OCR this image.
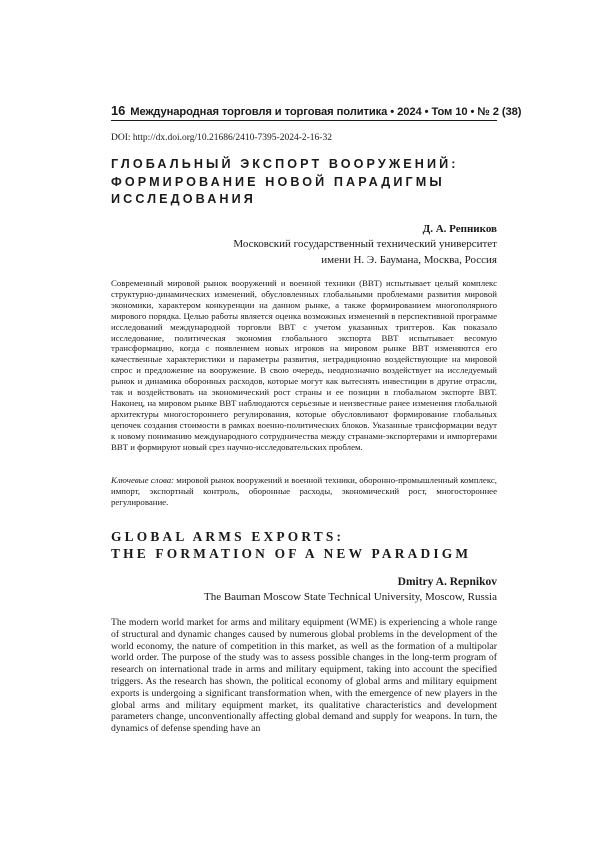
16 Международная торговля и торговая политика • 2024 • Том 10 • № 2 (38)
DOI: http://dx.doi.org/10.21686/2410-7395-2024-2-16-32
ГЛОБАЛЬНЫЙ ЭКСПОРТ ВООРУЖЕНИЙ:
ФОРМИРОВАНИЕ НОВОЙ ПАРАДИГМЫ
ИССЛЕДОВАНИЯ
Д. А. Репников
Московский государственный технический университет
имени Н. Э. Баумана, Москва, Россия

Современный мировой рынок вооружений и военной техники (ВВТ) испытывает целый комплекс структурно-динамических изменений, обусловленных глобальными проблемами развития мировой экономики, характером конкуренции на данном рынке, а также формированием многополярного мирового порядка. Целью работы является оценка возможных изменений в перспективной программе исследований международной торговли ВВТ с учетом указанных триггеров. Как показало исследование, политическая экономия глобального экспорта ВВТ испытывает весомую трансформацию, когда с появлением новых игроков на мировом рынке ВВТ изменяются его качественные характеристики и параметры развития, нетрадиционно воздействующие на мировой спрос и предложение на вооружение. В свою очередь, неоднозначно воздействует на исследуемый рынок и динамика оборонных расходов, которые могут как вытеснять инвестиции в другие отрасли, так и воздействовать на экономический рост страны и ее позиции в глобальном экспорте ВВТ. Наконец, на мировом рынке ВВТ наблюдаются серьезные и неизвестные ранее изменения глобальной архитектуры многостороннего регулирования, которые обусловливают формирование глобальных цепочек создания стоимости в рамках военно-политических блоков. Указанные трансформации ведут к новому пониманию международного сотрудничества между странами-экспортерами и импортерами ВВТ и формируют новый срез научно-исследовательских проблем.

Ключевые слова: мировой рынок вооружений и военной техники, оборонно-промышленный комплекс, импорт, экспортный контроль, оборонные расходы, экономический рост, многостороннее регулирование.
GLOBAL ARMS EXPORTS:
THE FORMATION OF A NEW PARADIGM
Dmitry A. Repnikov
The Bauman Moscow State Technical University, Moscow, Russia

The modern world market for arms and military equipment (WME) is experiencing a whole range of structural and dynamic changes caused by numerous global problems in the development of the world economy, the nature of competition in this market, as well as the formation of a multipolar world order. The purpose of the study was to assess possible changes in the long-term program of research on international trade in arms and military equipment, taking into account the specified triggers. As the research has shown, the political economy of global arms and military equipment exports is undergoing a significant transformation when, with the emergence of new players in the global arms and military equipment market, its qualitative characteristics and development parameters change, unconventionally affecting global demand and supply for weapons. In turn, the dynamics of defense spending have an
